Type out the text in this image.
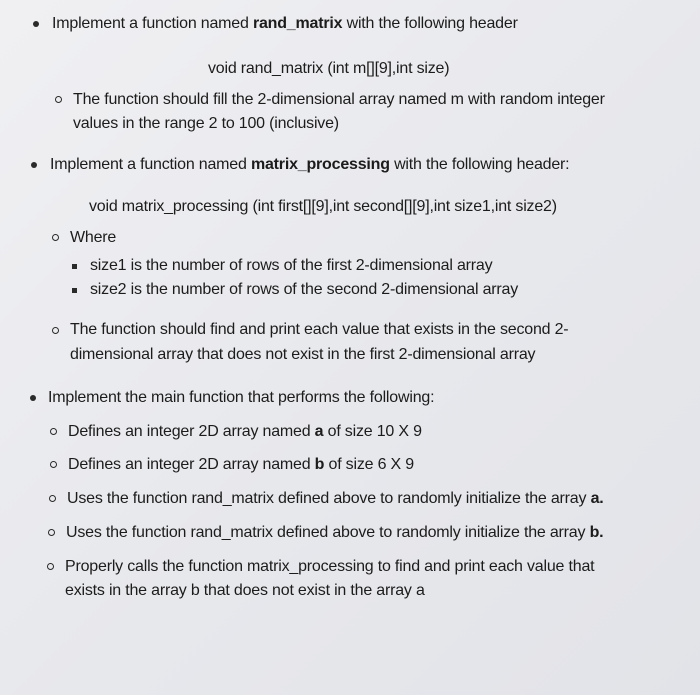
Implement a function named rand_matrix with the following header
void rand_matrix (int m[][9],int size)
The function should fill the 2-dimensional array named m with random integer
values in the range 2 to 100 (inclusive)
Implement a function named matrix_processing with the following header:
void matrix_processing (int first[][9],int second[][9],int size1,int size2)
Where
size1 is the number of rows of the first 2-dimensional array
size2 is the number of rows of the second 2-dimensional array
The function should find and print each value that exists in the second 2-
dimensional array that does not exist in the first 2-dimensional array
Implement the main function that performs the following:
Defines an integer 2D array named a of size 10 X 9
Defines an integer 2D array named b of size 6 X 9
Uses the function rand_matrix defined above to randomly initialize the array a.
Uses the function rand_matrix defined above to randomly initialize the array b.
Properly calls the function matrix_processing to find and print each value that
exists in the array b that does not exist in the array a
